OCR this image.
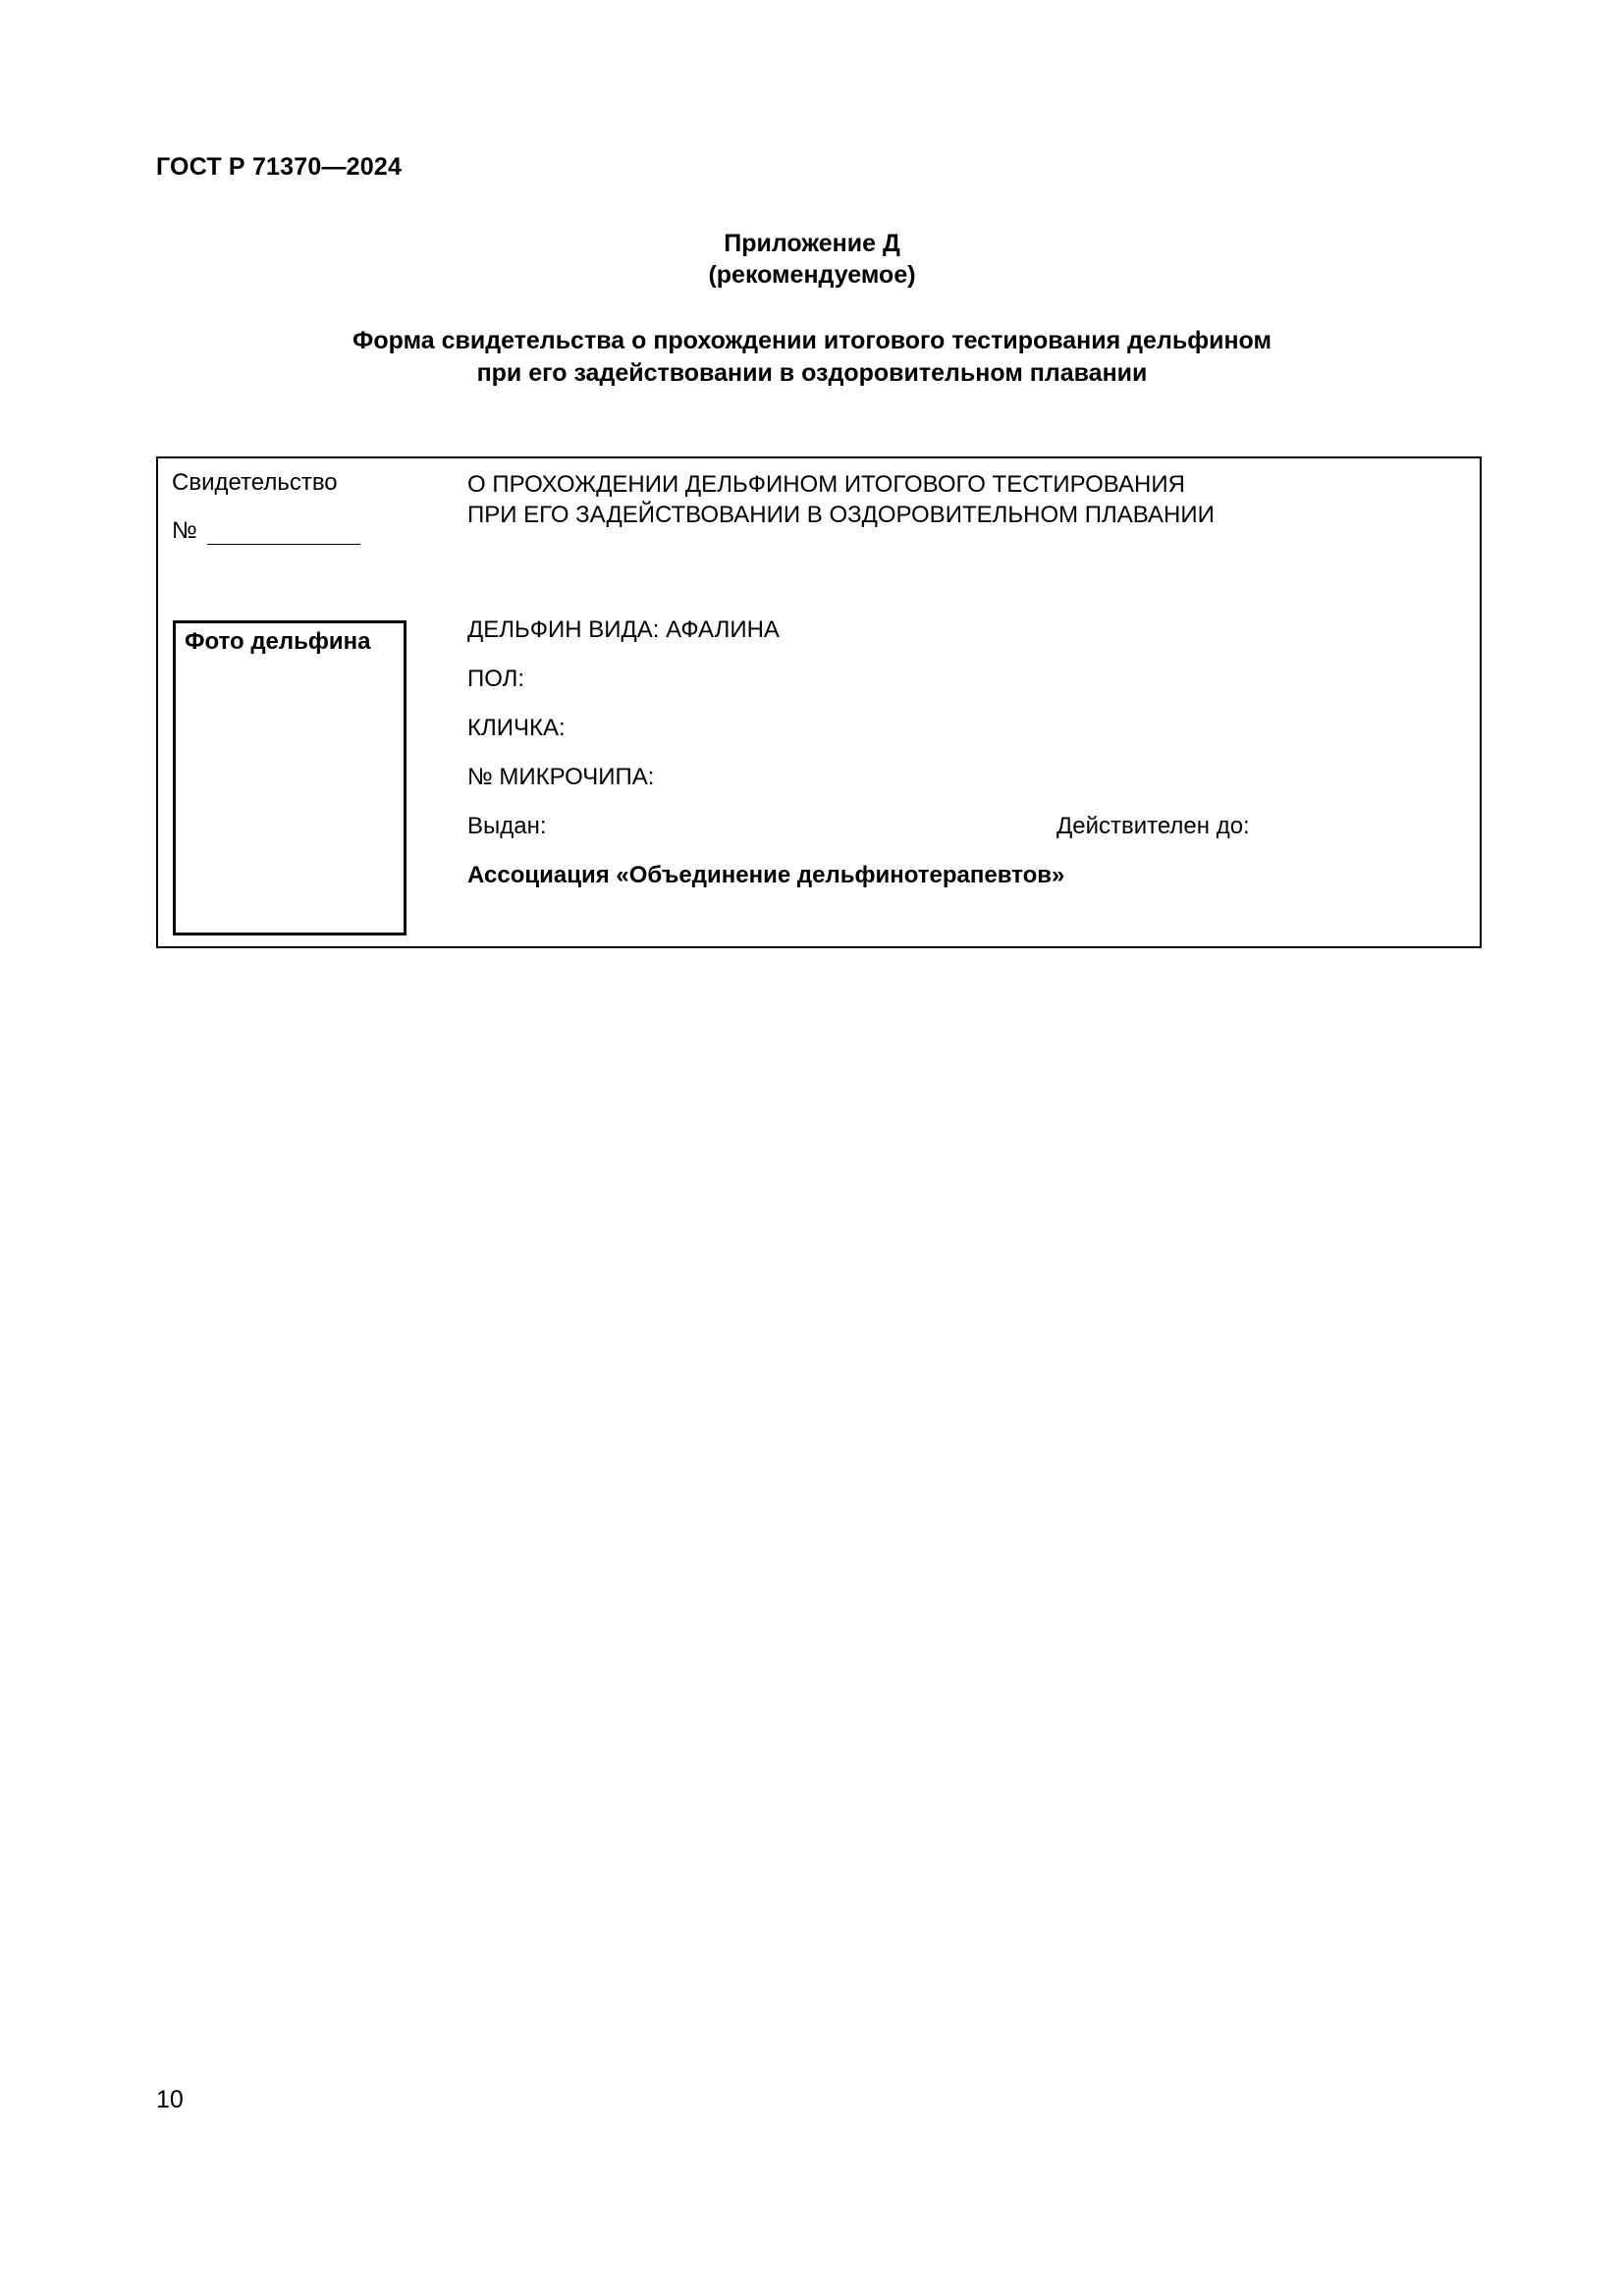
ГОСТ Р 71370—2024
Приложение Д
(рекомендуемое)
Форма свидетельства о прохождении итогового тестирования дельфином
при его задействовании в оздоровительном плавании
Свидетельство
№
О ПРОХОЖДЕНИИ ДЕЛЬФИНОМ ИТОГОВОГО ТЕСТИРОВАНИЯ
ПРИ ЕГО ЗАДЕЙСТВОВАНИИ В ОЗДОРОВИТЕЛЬНОМ ПЛАВАНИИ
Фото дельфина	ДЕЛЬФИН ВИДА: АФАЛИНА
ПОЛ:
КЛИЧКА:
№ МИКРОЧИПА:
Выдан:	Действителен до:
Ассоциация «Объединение дельфинотерапевтов»
10
